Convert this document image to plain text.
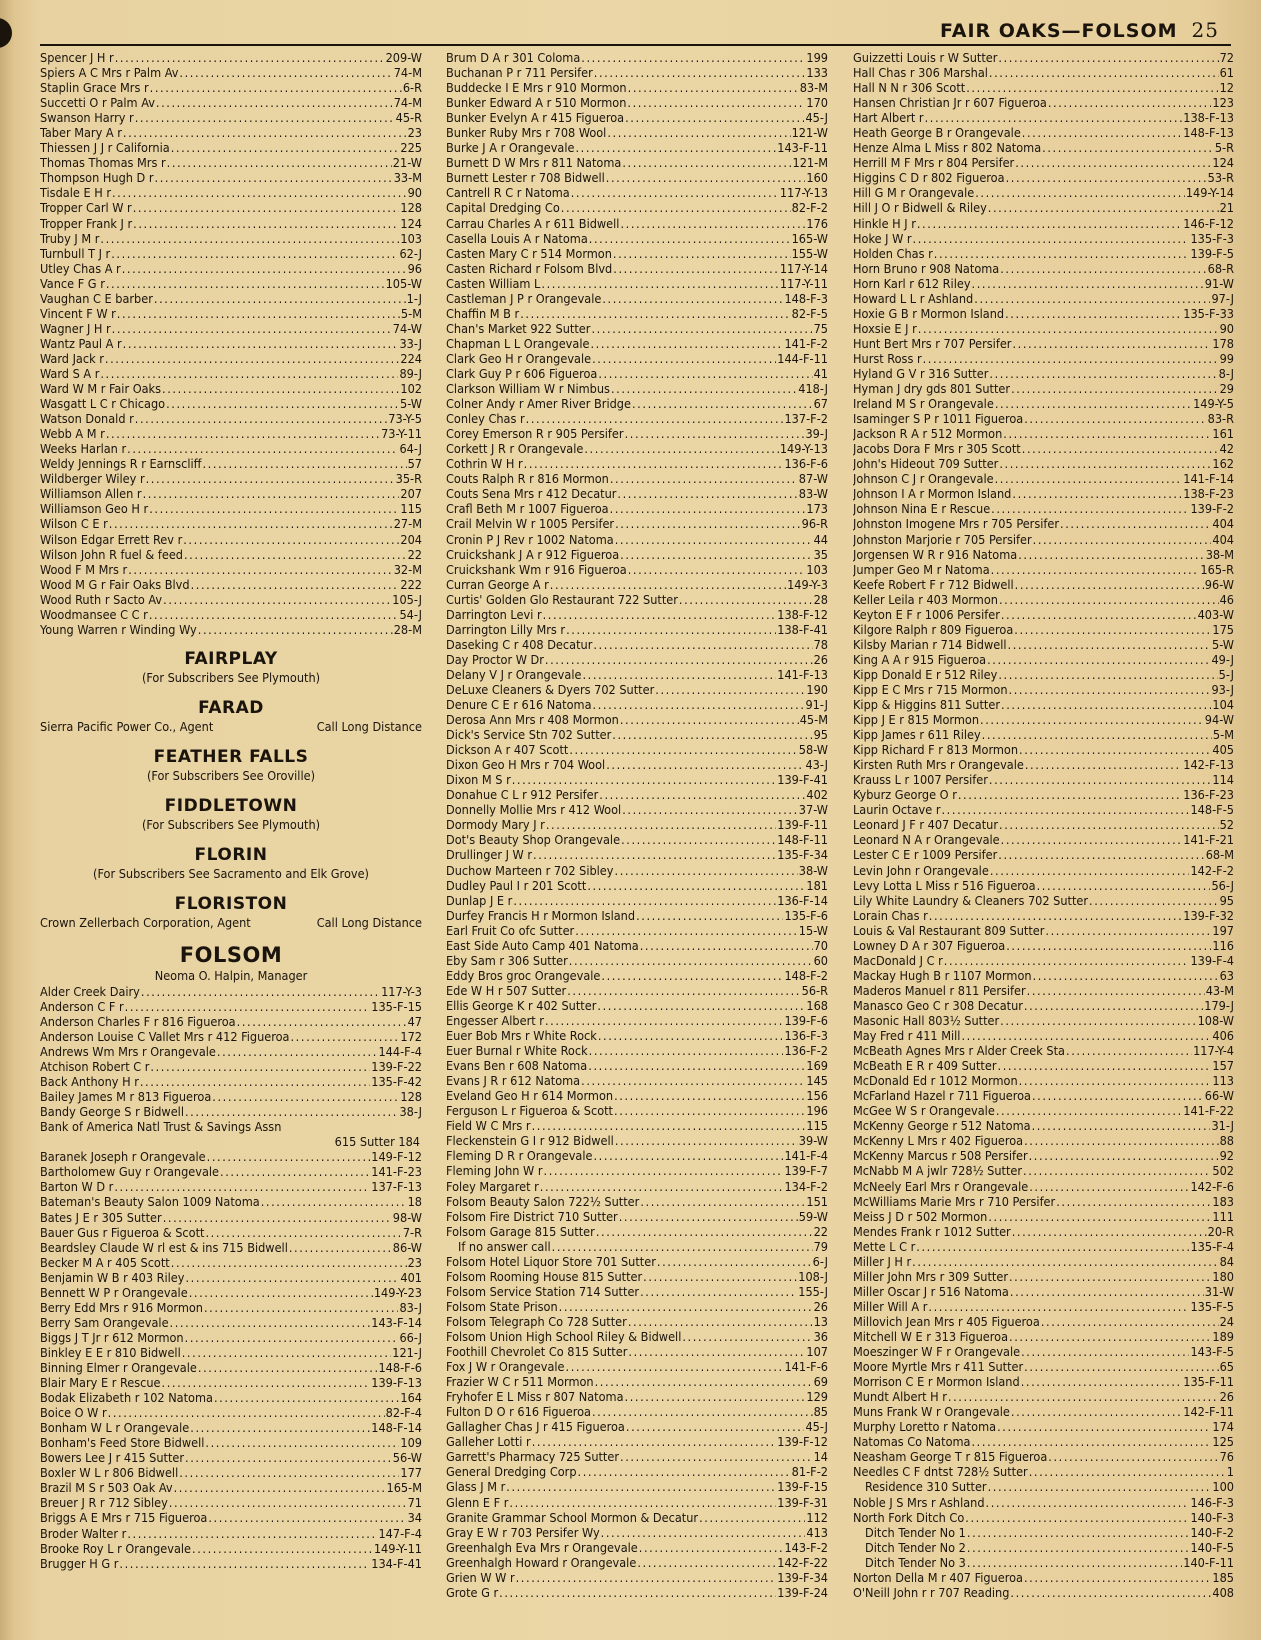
FAIR OAKS—FOLSOM 25
Spencer J H r . . .	209-W
Spiers A C Mrs r Palm Av . . .	74-M
Staplin Grace Mrs r . . .	6-R
Succetti O r Palm Av . . .	74-M
Swanson Harry r . . .	45-R
Taber Mary A r . . .	23
Thiessen J J r California . . .	225
Thomas Thomas Mrs r . . .	21-W
Thompson Hugh D r . . .	33-M
Tisdale E H r . . .	90
Tropper Carl W r . . .	128
Tropper Frank J r . . .	124
Truby J M r . . .	103
Turnbull T J r . . .	62-J
Utley Chas A r . . .	96
Vance F G r . . .	105-W
Vaughan C E barber . . .	1-J
Vincent F W r . . .	5-M
Wagner J H r . . .	74-W
Wantz Paul A r . . .	33-J
Ward Jack r . . .	224
Ward S A r . . .	89-J
Ward W M r Fair Oaks . . .	102
Wasgatt L C r Chicago . . .	5-W
Watson Donald r . . .	73-Y-5
Webb A M r . . .	73-Y-11
Weeks Harlan r . . .	64-J
Weldy Jennings R r Earnscliff . . .	57
Wildberger Wiley r . . .	35-R
Williamson Allen r . . .	207
Williamson Geo H r . . .	115
Wilson C E r . . .	27-M
Wilson Edgar Errett Rev r . . .	204
Wilson John R fuel & feed . . .	22
Wood F M Mrs r . . .	32-M
Wood M G r Fair Oaks Blvd . . .	222
Wood Ruth r Sacto Av . . .	105-J
Woodmansee C C r . . .	54-J
Young Warren r Winding Wy . . .	28-M
FAIRPLAY
(For Subscribers See Plymouth)
FARAD
Sierra Pacific Power Co., Agent	Call Long Distance
FEATHER FALLS
(For Subscribers See Oroville)
FIDDLETOWN
(For Subscribers See Plymouth)
FLORIN
(For Subscribers See Sacramento and Elk Grove)
FLORISTON
Crown Zellerbach Corporation, Agent	Call Long Distance
FOLSOM
Neoma O. Halpin, Manager
Alder Creek Dairy . . .	117-Y-3
Anderson C F r . . .	135-F-15
Anderson Charles F r 816 Figueroa . . .	47
Anderson Louise C Vallet Mrs r 412 Figueroa . . .	172
Andrews Wm Mrs r Orangevale . . .	144-F-4
Atchison Robert C r . . .	139-F-22
Back Anthony H r . . .	135-F-42
Bailey James M r 813 Figueroa . . .	128
Bandy George S r Bidwell . . .	38-J
Bank of America Natl Trust & Savings Assn
615 Sutter 184
Baranek Joseph r Orangevale . . .	149-F-12
Bartholomew Guy r Orangevale . . .	141-F-23
Barton W D r . . .	137-F-13
Bateman's Beauty Salon 1009 Natoma . . .	18
Bates J E r 305 Sutter . . .	98-W
Bauer Gus r Figueroa & Scott . . .	7-R
Beardsley Claude W rl est & ins 715 Bidwell . . .	86-W
Becker M A r 405 Scott . . .	23
Benjamin W B r 403 Riley . . .	401
Bennett W P r Orangevale . . .	149-Y-23
Berry Edd Mrs r 916 Mormon . . .	83-J
Berry Sam Orangevale . . .	143-F-14
Biggs J T Jr r 612 Mormon . . .	66-J
Binkley E E r 810 Bidwell . . .	121-J
Binning Elmer r Orangevale . . .	148-F-6
Blair Mary E r Rescue . . .	139-F-13
Bodak Elizabeth r 102 Natoma . . .	164
Boice O W r . . .	82-F-4
Bonham W L r Orangevale . . .	148-F-14
Bonham's Feed Store Bidwell . . .	109
Bowers Lee J r 415 Sutter . . .	56-W
Boxler W L r 806 Bidwell . . .	177
Brazil M S r 503 Oak Av . . .	165-M
Breuer J R r 712 Sibley . . .	71
Briggs A E Mrs r 715 Figueroa . . .	34
Broder Walter r . . .	147-F-4
Brooke Roy L r Orangevale . . .	149-Y-11
Brugger H G r . . .	134-F-41
Brum D A r 301 Coloma . . .	199
Buchanan P r 711 Persifer . . .	133
Buddecke I E Mrs r 910 Mormon . . .	83-M
Bunker Edward A r 510 Mormon . . .	170
Bunker Evelyn A r 415 Figueroa . . .	45-J
Bunker Ruby Mrs r 708 Wool . . .	121-W
Burke J A r Orangevale . . .	143-F-11
Burnett D W Mrs r 811 Natoma . . .	121-M
Burnett Lester r 708 Bidwell . . .	160
Cantrell R C r Natoma . . .	117-Y-13
Capital Dredging Co . . .	82-F-2
Carrau Charles A r 611 Bidwell . . .	176
Casella Louis A r Natoma . . .	165-W
Casten Mary C r 514 Mormon . . .	155-W
Casten Richard r Folsom Blvd . . .	117-Y-14
Casten William L . . .	117-Y-11
Castleman J P r Orangevale . . .	148-F-3
Chaffin M B r . . .	82-F-5
Chan's Market 922 Sutter . . .	75
Chapman L L Orangevale . . .	141-F-2
Clark Geo H r Orangevale . . .	144-F-11
Clark Guy P r 606 Figueroa . . .	41
Clarkson William W r Nimbus . . .	418-J
Colner Andy r Amer River Bridge . . .	67
Conley Chas r . . .	137-F-2
Corey Emerson R r 905 Persifer . . .	39-J
Corkett J R r Orangevale . . .	149-Y-13
Cothrin W H r . . .	136-F-6
Couts Ralph R r 816 Mormon . . .	87-W
Couts Sena Mrs r 412 Decatur . . .	83-W
Crafl Beth M r 1007 Figueroa . . .	173
Crail Melvin W r 1005 Persifer . . .	96-R
Cronin P J Rev r 1002 Natoma . . .	44
Cruickshank J A r 912 Figueroa . . .	35
Cruickshank Wm r 916 Figueroa . . .	103
Curran George A r . . .	149-Y-3
Curtis' Golden Glo Restaurant 722 Sutter . . .	28
Darrington Levi r . . .	138-F-12
Darrington Lilly Mrs r . . .	138-F-41
Daseking C r 408 Decatur . . .	78
Day Proctor W Dr . . .	26
Delany V J r Orangevale . . .	141-F-13
DeLuxe Cleaners & Dyers 702 Sutter . . .	190
Denure C E r 616 Natoma . . .	91-J
Derosa Ann Mrs r 408 Mormon . . .	45-M
Dick's Service Stn 702 Sutter . . .	95
Dickson A r 407 Scott . . .	58-W
Dixon Geo H Mrs r 704 Wool . . .	43-J
Dixon M S r . . .	139-F-41
Donahue C L r 912 Persifer . . .	402
Donnelly Mollie Mrs r 412 Wool . . .	37-W
Dormody Mary J r . . .	139-F-11
Dot's Beauty Shop Orangevale . . .	148-F-11
Drullinger J W r . . .	135-F-34
Duchow Marteen r 702 Sibley . . .	38-W
Dudley Paul I r 201 Scott . . .	181
Dunlap J E r . . .	136-F-14
Durfey Francis H r Mormon Island . . .	135-F-6
Earl Fruit Co ofc Sutter . . .	15-W
East Side Auto Camp 401 Natoma . . .	70
Eby Sam r 306 Sutter . . .	60
Eddy Bros groc Orangevale . . .	148-F-2
Ede W H r 507 Sutter . . .	56-R
Ellis George K r 402 Sutter . . .	168
Engesser Albert r . . .	139-F-6
Euer Bob Mrs r White Rock . . .	136-F-3
Euer Burnal r White Rock . . .	136-F-2
Evans Ben r 608 Natoma . . .	169
Evans J R r 612 Natoma . . .	145
Eveland Geo H r 614 Mormon . . .	156
Ferguson L r Figueroa & Scott . . .	196
Field W C Mrs r . . .	115
Fleckenstein G I r 912 Bidwell . . .	39-W
Fleming D R r Orangevale . . .	141-F-4
Fleming John W r . . .	139-F-7
Foley Margaret r . . .	134-F-2
Folsom Beauty Salon 722½ Sutter . . .	151
Folsom Fire District 710 Sutter . . .	59-W
Folsom Garage 815 Sutter . . .	22
If no answer call . . .	79
Folsom Hotel Liquor Store 701 Sutter . . .	6-J
Folsom Rooming House 815 Sutter . . .	108-J
Folsom Service Station 714 Sutter . . .	155-J
Folsom State Prison . . .	26
Folsom Telegraph Co 728 Sutter . . .	13
Folsom Union High School Riley & Bidwell . . .	36
Foothill Chevrolet Co 815 Sutter . . .	107
Fox J W r Orangevale . . .	141-F-6
Frazier W C r 511 Mormon . . .	69
Fryhofer E L Miss r 807 Natoma . . .	129
Fulton D O r 616 Figueroa . . .	85
Gallagher Chas J r 415 Figueroa . . .	45-J
Galleher Lotti r . . .	139-F-12
Garrett's Pharmacy 725 Sutter . . .	14
General Dredging Corp . . .	81-F-2
Glass J M r . . .	139-F-15
Glenn E F r . . .	139-F-31
Granite Grammar School Mormon & Decatur . . .	112
Gray E W r 703 Persifer Wy . . .	413
Greenhalgh Eva Mrs r Orangevale . . .	143-F-2
Greenhalgh Howard r Orangevale . . .	142-F-22
Grien W W r . . .	139-F-34
Grote G r . . .	139-F-24
Guizzetti Louis r W Sutter . . .	72
Hall Chas r 306 Marshal . . .	61
Hall N N r 306 Scott . . .	12
Hansen Christian Jr r 607 Figueroa . . .	123
Hart Albert r . . .	138-F-13
Heath George B r Orangevale . . .	148-F-13
Henze Alma L Miss r 802 Natoma . . .	5-R
Herrill M F Mrs r 804 Persifer . . .	124
Higgins C D r 802 Figueroa . . .	53-R
Hill G M r Orangevale . . .	149-Y-14
Hill J O r Bidwell & Riley . . .	21
Hinkle H J r . . .	146-F-12
Hoke J W r . . .	135-F-3
Holden Chas r . . .	139-F-5
Horn Bruno r 908 Natoma . . .	68-R
Horn Karl r 612 Riley . . .	91-W
Howard L L r Ashland . . .	97-J
Hoxie G B r Mormon Island . . .	135-F-33
Hoxsie E J r . . .	90
Hunt Bert Mrs r 707 Persifer . . .	178
Hurst Ross r . . .	99
Hyland G V r 316 Sutter . . .	8-J
Hyman J dry gds 801 Sutter . . .	29
Ireland M S r Orangevale . . .	149-Y-5
Isaminger S P r 1011 Figueroa . . .	83-R
Jackson R A r 512 Mormon . . .	161
Jacobs Dora F Mrs r 305 Scott . . .	42
John's Hideout 709 Sutter . . .	162
Johnson C J r Orangevale . . .	141-F-14
Johnson I A r Mormon Island . . .	138-F-23
Johnson Nina E r Rescue . . .	139-F-2
Johnston Imogene Mrs r 705 Persifer . . .	404
Johnston Marjorie r 705 Persifer . . .	404
Jorgensen W R r 916 Natoma . . .	38-M
Jumper Geo M r Natoma . . .	165-R
Keefe Robert F r 712 Bidwell . . .	96-W
Keller Leila r 403 Mormon . . .	46
Keyton E F r 1006 Persifer . . .	403-W
Kilgore Ralph r 809 Figueroa . . .	175
Kilsby Marian r 714 Bidwell . . .	5-W
King A A r 915 Figueroa . . .	49-J
Kipp Donald E r 512 Riley . . .	5-J
Kipp E C Mrs r 715 Mormon . . .	93-J
Kipp & Higgins 811 Sutter . . .	104
Kipp J E r 815 Mormon . . .	94-W
Kipp James r 611 Riley . . .	5-M
Kipp Richard F r 813 Mormon . . .	405
Kirsten Ruth Mrs r Orangevale . . .	142-F-13
Krauss L r 1007 Persifer . . .	114
Kyburz George O r . . .	136-F-23
Laurin Octave r . . .	148-F-5
Leonard J F r 407 Decatur . . .	52
Leonard N A r Orangevale . . .	141-F-21
Lester C E r 1009 Persifer . . .	68-M
Levin John r Orangevale . . .	142-F-2
Levy Lotta L Miss r 516 Figueroa . . .	56-J
Lily White Laundry & Cleaners 702 Sutter . . .	95
Lorain Chas r . . .	139-F-32
Louis & Val Restaurant 809 Sutter . . .	197
Lowney D A r 307 Figueroa . . .	116
MacDonald J C r . . .	139-F-4
Mackay Hugh B r 1107 Mormon . . .	63
Maderos Manuel r 811 Persifer . . .	43-M
Manasco Geo C r 308 Decatur . . .	179-J
Masonic Hall 803½ Sutter . . .	108-W
May Fred r 411 Mill . . .	406
McBeath Agnes Mrs r Alder Creek Sta . . .	117-Y-4
McBeath E R r 409 Sutter . . .	157
McDonald Ed r 1012 Mormon . . .	113
McFarland Hazel r 711 Figueroa . . .	66-W
McGee W S r Orangevale . . .	141-F-22
McKenny George r 512 Natoma . . .	31-J
McKenny L Mrs r 402 Figueroa . . .	88
McKenny Marcus r 508 Persifer . . .	92
McNabb M A jwlr 728½ Sutter . . .	502
McNeely Earl Mrs r Orangevale . . .	142-F-6
McWilliams Marie Mrs r 710 Persifer . . .	183
Meiss J D r 502 Mormon . . .	111
Mendes Frank r 1012 Sutter . . .	20-R
Mette L C r . . .	135-F-4
Miller J H r . . .	84
Miller John Mrs r 309 Sutter . . .	180
Miller Oscar J r 516 Natoma . . .	31-W
Miller Will A r . . .	135-F-5
Millovich Jean Mrs r 405 Figueroa . . .	24
Mitchell W E r 313 Figueroa . . .	189
Moeszinger W F r Orangevale . . .	143-F-5
Moore Myrtle Mrs r 411 Sutter . . .	65
Morrison C E r Mormon Island . . .	135-F-11
Mundt Albert H r . . .	26
Muns Frank W r Orangevale . . .	142-F-11
Murphy Loretto r Natoma . . .	174
Natomas Co Natoma . . .	125
Neasham George T r 815 Figueroa . . .	76
Needles C F dntst 728½ Sutter . . .	1
Residence 310 Sutter . . .	100
Noble J S Mrs r Ashland . . .	146-F-3
North Fork Ditch Co . . .	140-F-3
Ditch Tender No 1 . . .	140-F-2
Ditch Tender No 2 . . .	140-F-5
Ditch Tender No 3 . . .	140-F-11
Norton Della M r 407 Figueroa . . .	185
O'Neill John r r 707 Reading . . .	408
